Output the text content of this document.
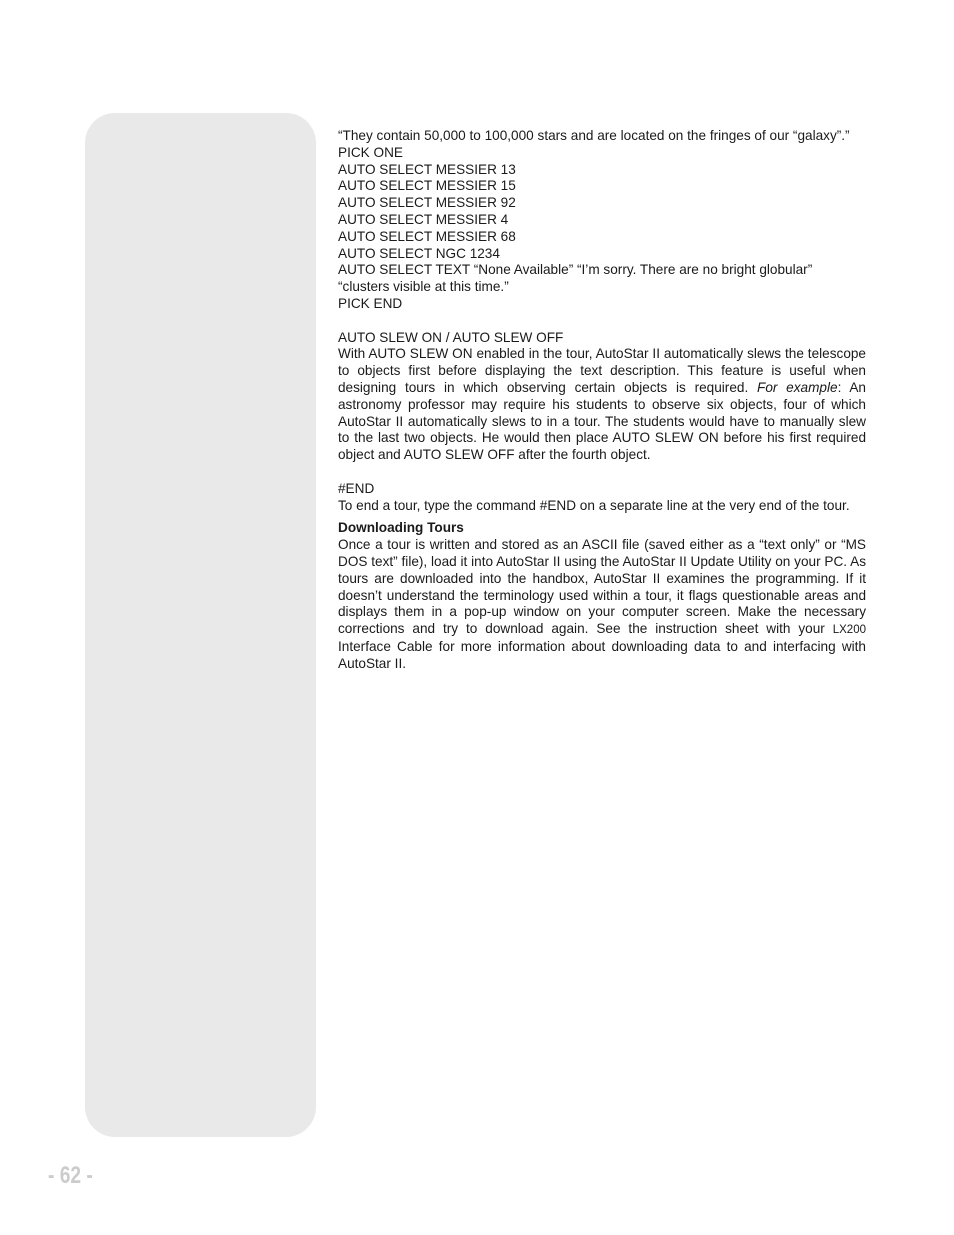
“They contain 50,000 to 100,000 stars and are located on the fringes of our “galaxy”.”
PICK ONE
AUTO SELECT MESSIER 13
AUTO SELECT MESSIER 15
AUTO SELECT MESSIER 92
AUTO SELECT MESSIER 4
AUTO SELECT MESSIER 68
AUTO SELECT NGC 1234
AUTO SELECT TEXT “None Available” “I’m sorry. There are no bright globular”
“clusters visible at this time.”
PICK END
AUTO SLEW ON / AUTO SLEW OFF

With AUTO SLEW ON enabled in the tour, AutoStar II automatically slews the telescope to objects first before displaying the text description. This feature is useful when designing tours in which observing certain objects is required. For example: An astronomy professor may require his students to observe six objects, four of which AutoStar II automatically slews to in a tour. The students would have to manually slew to the last two objects. He would then place AUTO SLEW ON before his first required object and AUTO SLEW OFF after the fourth object.

#END

To end a tour, type the command #END on a separate line at the very end of the tour.

Downloading Tours

Once a tour is written and stored as an ASCII file (saved either as a “text only” or “MS DOS text” file), load it into AutoStar II using the AutoStar II Update Utility on your PC. As tours are downloaded into the handbox, AutoStar II examines the programming. If it doesn’t understand the terminology used within a tour, it flags questionable areas and displays them in a pop-up window on your computer screen. Make the necessary corrections and try to download again. See the instruction sheet with your LX200 Interface Cable for more information about downloading data to and interfacing with AutoStar II.

- 62 -
